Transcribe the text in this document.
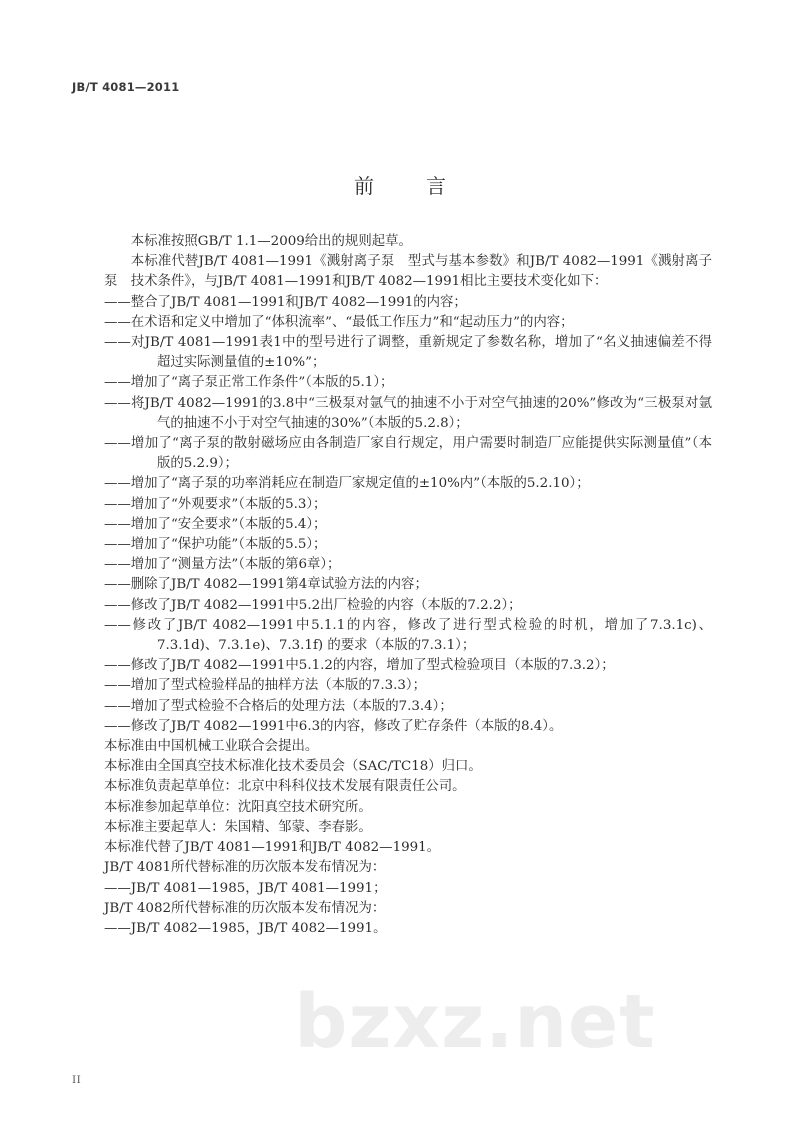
bzxz.net
JB/T 4081—2011
前　言

本标准按照GB/T 1.1—2009给出的规则起草。

本标准代替JB/T 4081—1991《溅射离子泵　型式与基本参数》和JB/T 4082—1991《溅射离子泵　技术条件》，与JB/T 4081—1991和JB/T 4082—1991相比主要技术变化如下：

——整合了JB/T 4081—1991和JB/T 4082—1991的内容；

——在术语和定义中增加了“体积流率”、“最低工作压力”和“起动压力”的内容；

——对JB/T 4081—1991表1中的型号进行了调整，重新规定了参数名称，增加了“名义抽速偏差不得超过实际测量值的±10%”；

——增加了“离子泵正常工作条件”（本版的5.1）；

——将JB/T 4082—1991的3.8中“三极泵对氩气的抽速不小于对空气抽速的20%”修改为“三极泵对氩气的抽速不小于对空气抽速的30%”（本版的5.2.8）；

——增加了“离子泵的散射磁场应由各制造厂家自行规定，用户需要时制造厂应能提供实际测量值”（本版的5.2.9）；

——增加了“离子泵的功率消耗应在制造厂家规定值的±10%内”（本版的5.2.10）；

——增加了“外观要求”（本版的5.3）；

——增加了“安全要求”（本版的5.4）；

——增加了“保护功能”（本版的5.5）；

——增加了“测量方法”（本版的第6章）；

——删除了JB/T 4082—1991第4章试验方法的内容；

——修改了JB/T 4082—1991中5.2出厂检验的内容（本版的7.2.2）；

——修改了JB/T 4082—1991中5.1.1的内容，修改了进行型式检验的时机，增加了7.3.1c)、7.3.1d)、7.3.1e)、7.3.1f) 的要求（本版的7.3.1）；

——修改了JB/T 4082—1991中5.1.2的内容，增加了型式检验项目（本版的7.3.2）；

——增加了型式检验样品的抽样方法（本版的7.3.3）；

——增加了型式检验不合格后的处理方法（本版的7.3.4）；

——修改了JB/T 4082—1991中6.3的内容，修改了贮存条件（本版的8.4）。

本标准由中国机械工业联合会提出。

本标准由全国真空技术标准化技术委员会（SAC/TC18）归口。

本标准负责起草单位：北京中科科仪技术发展有限责任公司。

本标准参加起草单位：沈阳真空技术研究所。

本标准主要起草人：朱国精、邹蒙、李春影。

本标准代替了JB/T 4081—1991和JB/T 4082—1991。

JB/T 4081所代替标准的历次版本发布情况为：

——JB/T 4081—1985，JB/T 4081—1991；

JB/T 4082所代替标准的历次版本发布情况为：

——JB/T 4082—1985，JB/T 4082—1991。

II
